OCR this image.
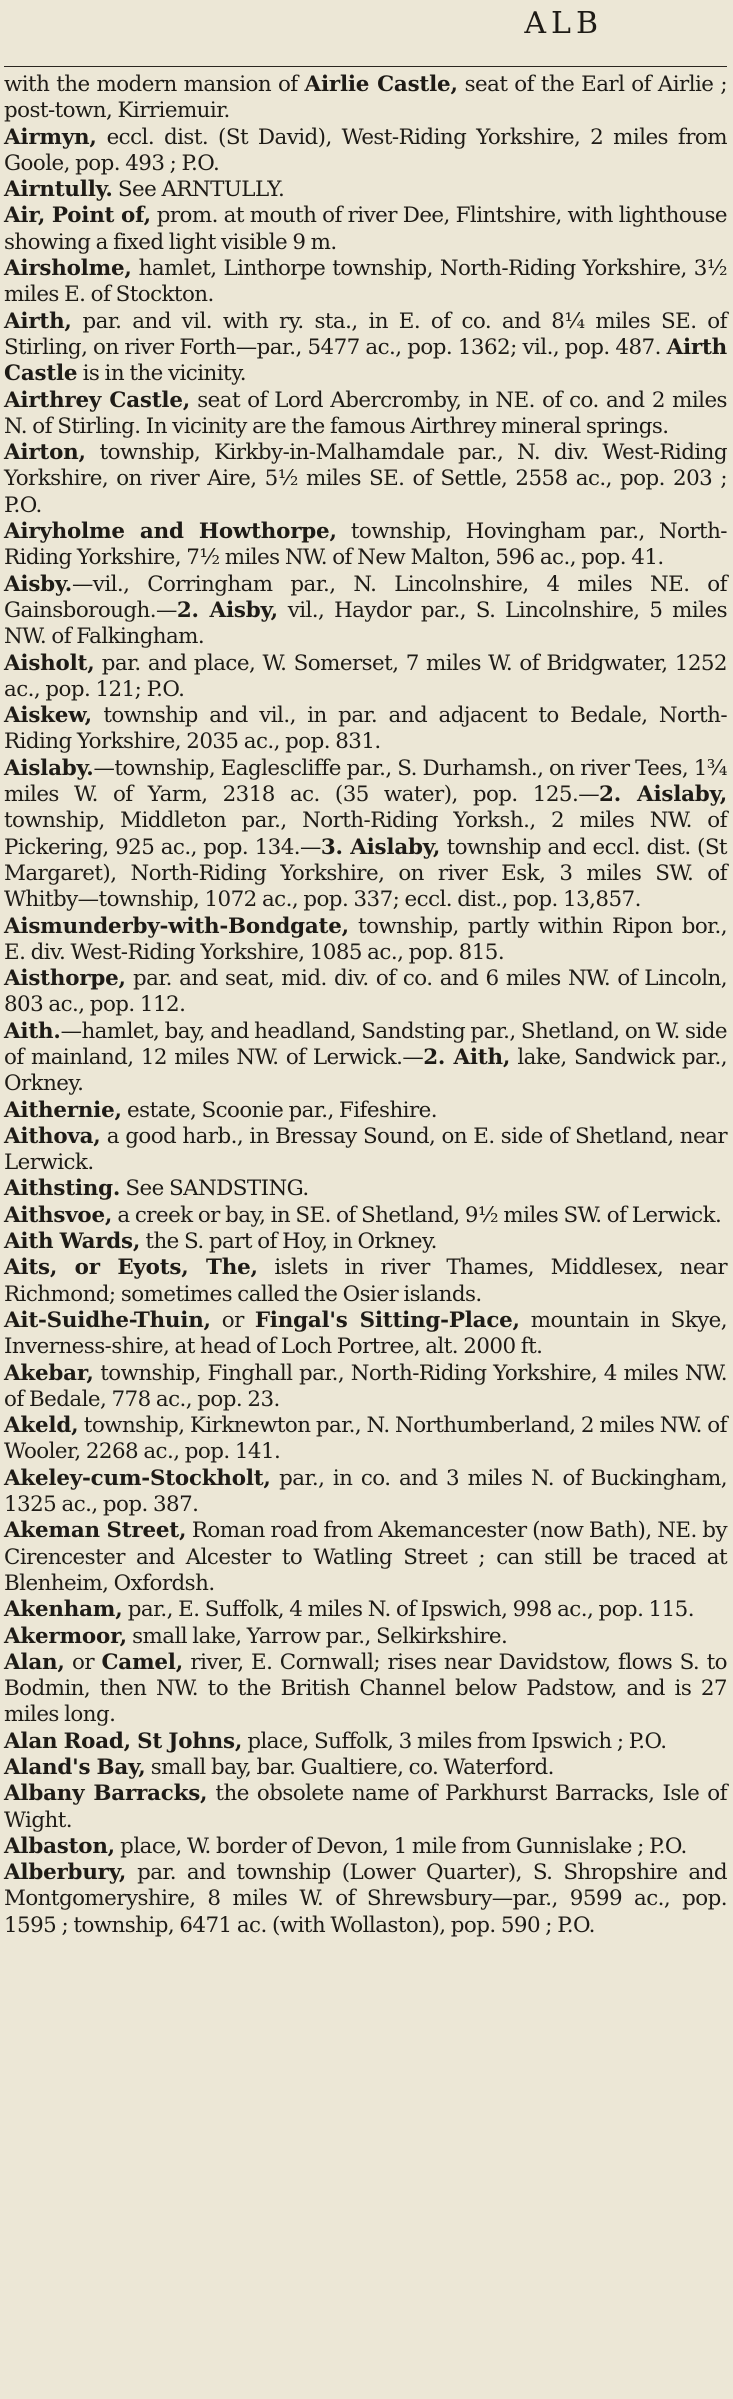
ALB

with the modern mansion of Airlie Castle, seat of the Earl of Airlie ; post-town, Kirriemuir.

Airmyn, eccl. dist. (St David), West-Riding Yorkshire, 2 miles from Goole, pop. 493 ; P.O.

Airntully. See ARNTULLY.

Air, Point of, prom. at mouth of river Dee, Flintshire, with lighthouse showing a fixed light visible 9 m.

Airsholme, hamlet, Linthorpe township, North-Riding Yorkshire, 3½ miles E. of Stockton.

Airth, par. and vil. with ry. sta., in E. of co. and 8¼ miles SE. of Stirling, on river Forth—par., 5477 ac., pop. 1362; vil., pop. 487. Airth Castle is in the vicinity.

Airthrey Castle, seat of Lord Abercromby, in NE. of co. and 2 miles N. of Stirling. In vicinity are the famous Airthrey mineral springs.

Airton, township, Kirkby-in-Malhamdale par., N. div. West-Riding Yorkshire, on river Aire, 5½ miles SE. of Settle, 2558 ac., pop. 203 ; P.O.

Airyholme and Howthorpe, township, Hovingham par., North-Riding Yorkshire, 7½ miles NW. of New Malton, 596 ac., pop. 41.

Aisby.—vil., Corringham par., N. Lincolnshire, 4 miles NE. of Gainsborough.—2. Aisby, vil., Haydor par., S. Lincolnshire, 5 miles NW. of Falkingham.

Aisholt, par. and place, W. Somerset, 7 miles W. of Bridgwater, 1252 ac., pop. 121; P.O.

Aiskew, township and vil., in par. and adjacent to Bedale, North-Riding Yorkshire, 2035 ac., pop. 831.

Aislaby.—township, Eaglescliffe par., S. Durhamsh., on river Tees, 1¾ miles W. of Yarm, 2318 ac. (35 water), pop. 125.—2. Aislaby, township, Middleton par., North-Riding Yorksh., 2 miles NW. of Pickering, 925 ac., pop. 134.—3. Aislaby, township and eccl. dist. (St Margaret), North-Riding Yorkshire, on river Esk, 3 miles SW. of Whitby—township, 1072 ac., pop. 337; eccl. dist., pop. 13,857.

Aismunderby-with-Bondgate, township, partly within Ripon bor., E. div. West-Riding Yorkshire, 1085 ac., pop. 815.

Aisthorpe, par. and seat, mid. div. of co. and 6 miles NW. of Lincoln, 803 ac., pop. 112.

Aith.—hamlet, bay, and headland, Sandsting par., Shetland, on W. side of mainland, 12 miles NW. of Lerwick.—2. Aith, lake, Sandwick par., Orkney.

Aithernie, estate, Scoonie par., Fifeshire.

Aithova, a good harb., in Bressay Sound, on E. side of Shetland, near Lerwick.

Aithsting. See SANDSTING.

Aithsvoe, a creek or bay, in SE. of Shetland, 9½ miles SW. of Lerwick.

Aith Wards, the S. part of Hoy, in Orkney.

Aits, or Eyots, The, islets in river Thames, Middlesex, near Richmond; sometimes called the Osier islands.

Ait-Suidhe-Thuin, or Fingal's Sitting-Place, mountain in Skye, Inverness-shire, at head of Loch Portree, alt. 2000 ft.

Akebar, township, Finghall par., North-Riding Yorkshire, 4 miles NW. of Bedale, 778 ac., pop. 23.

Akeld, township, Kirknewton par., N. Northumberland, 2 miles NW. of Wooler, 2268 ac., pop. 141.

Akeley-cum-Stockholt, par., in co. and 3 miles N. of Buckingham, 1325 ac., pop. 387.

Akeman Street, Roman road from Akemancester (now Bath), NE. by Cirencester and Alcester to Watling Street ; can still be traced at Blenheim, Oxfordsh.

Akenham, par., E. Suffolk, 4 miles N. of Ipswich, 998 ac., pop. 115.

Akermoor, small lake, Yarrow par., Selkirkshire.

Alan, or Camel, river, E. Cornwall; rises near Davidstow, flows S. to Bodmin, then NW. to the British Channel below Padstow, and is 27 miles long.

Alan Road, St Johns, place, Suffolk, 3 miles from Ipswich ; P.O.

Aland's Bay, small bay, bar. Gualtiere, co. Waterford.

Albany Barracks, the obsolete name of Parkhurst Barracks, Isle of Wight.

Albaston, place, W. border of Devon, 1 mile from Gunnislake ; P.O.

Alberbury, par. and township (Lower Quarter), S. Shropshire and Montgomeryshire, 8 miles W. of Shrewsbury—par., 9599 ac., pop. 1595 ; township, 6471 ac. (with Wollaston), pop. 590 ; P.O.
